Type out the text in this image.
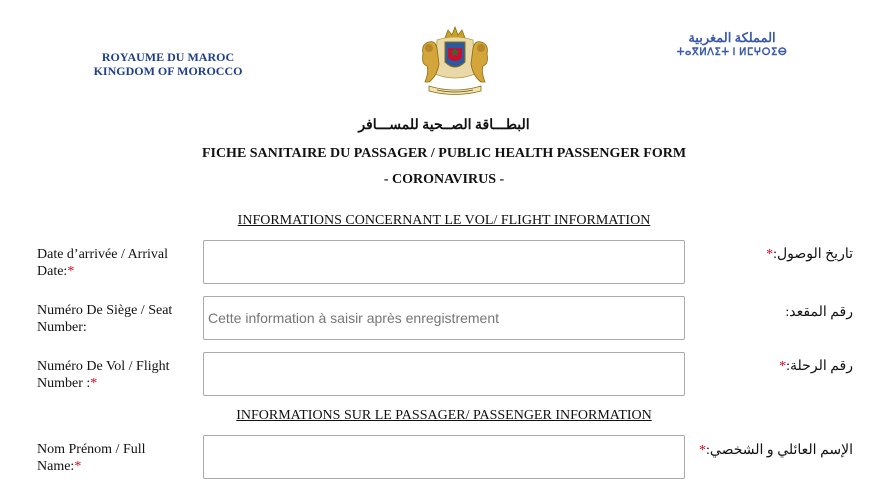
ROYAUME DU MAROC
KINGDOM OF MOROCCO
المملكة المغربية
ⵜⴰⴳⵍⴷⵉⵜ ⵏ ⵍⵎⵖⵔⵉⴱ
البطـــاقة الصــحية للمســـافر
FICHE SANITAIRE DU PASSAGER / PUBLIC HEALTH PASSENGER FORM
- CORONAVIRUS -
INFORMATIONS CONCERNANT LE VOL/ FLIGHT INFORMATION
Date d’arrivée / Arrival
Date:*
تاريخ الوصول:*
Numéro De Siège / Seat
Number:
Cette information à saisir après enregistrement
رقم المقعد:
Numéro De Vol / Flight
Number :*
رقم الرحلة:*
INFORMATIONS SUR LE PASSAGER/ PASSENGER INFORMATION
Nom Prénom / Full
Name:*
الإسم العائلي و الشخصي:*
